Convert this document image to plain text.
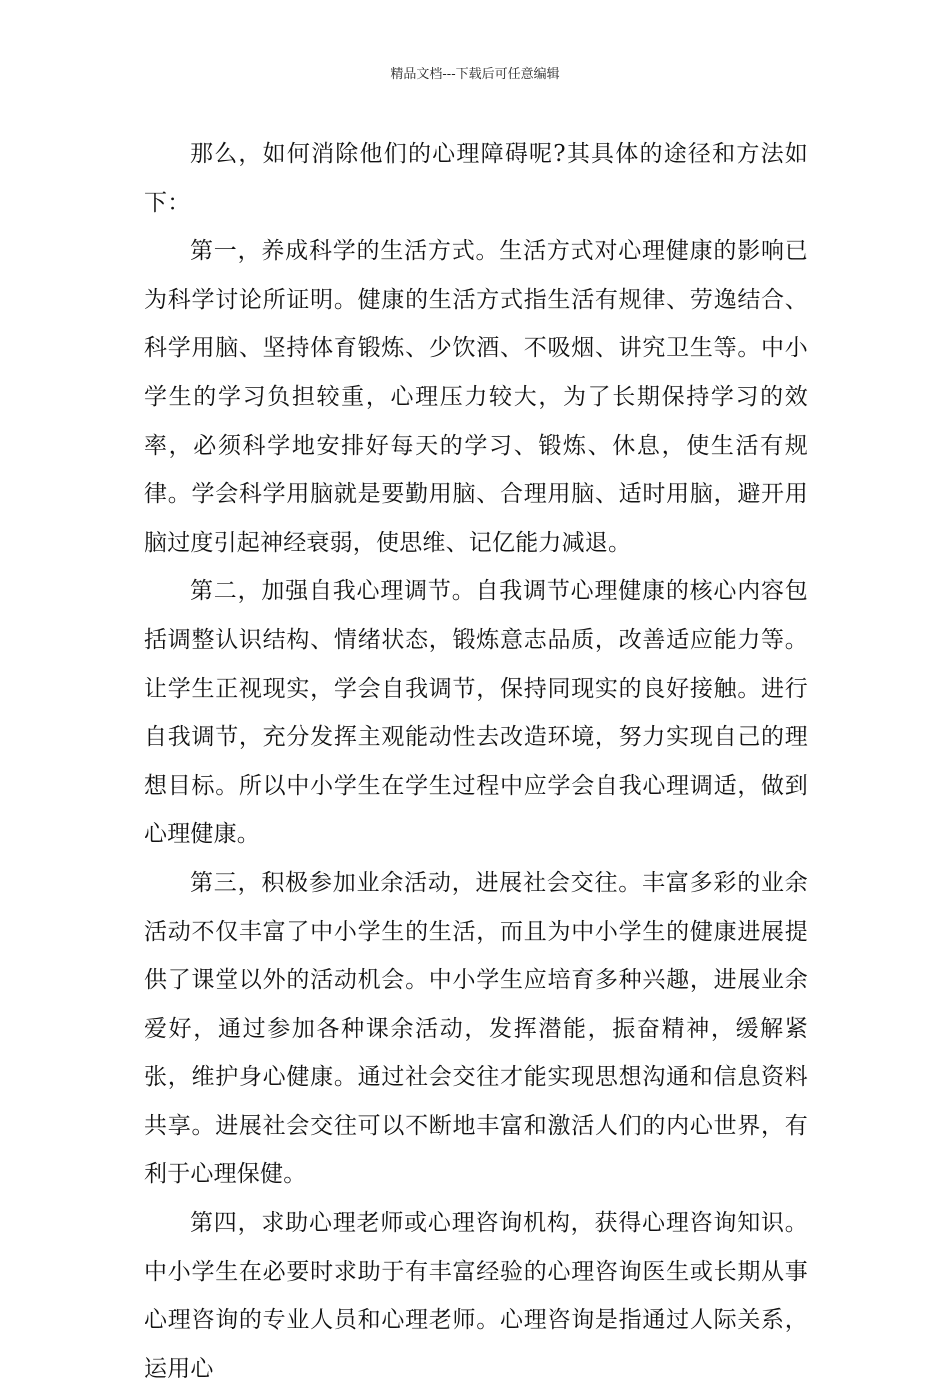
精品文档---下载后可任意编辑

那么，如何消除他们的心理障碍呢?其具体的途径和方法如下：

第一，养成科学的生活方式。生活方式对心理健康的影响已为科学讨论所证明。健康的生活方式指生活有规律、劳逸结合、科学用脑、坚持体育锻炼、少饮酒、不吸烟、讲究卫生等。中小学生的学习负担较重，心理压力较大，为了长期保持学习的效率，必须科学地安排好每天的学习、锻炼、休息，使生活有规律。学会科学用脑就是要勤用脑、合理用脑、适时用脑，避开用脑过度引起神经衰弱，使思维、记亿能力减退。

第二，加强自我心理调节。自我调节心理健康的核心内容包括调整认识结构、情绪状态，锻炼意志品质，改善适应能力等。让学生正视现实，学会自我调节，保持同现实的良好接触。进行自我调节，充分发挥主观能动性去改造环境，努力实现自己的理想目标。所以中小学生在学生过程中应学会自我心理调适，做到心理健康。

第三，积极参加业余活动，进展社会交往。丰富多彩的业余活动不仅丰富了中小学生的生活，而且为中小学生的健康进展提供了课堂以外的活动机会。中小学生应培育多种兴趣，进展业余爱好，通过参加各种课余活动，发挥潜能，振奋精神，缓解紧张，维护身心健康。通过社会交往才能实现思想沟通和信息资料共享。进展社会交往可以不断地丰富和激活人们的内心世界，有利于心理保健。

第四，求助心理老师或心理咨询机构，获得心理咨询知识。中小学生在必要时求助于有丰富经验的心理咨询医生或长期从事心理咨询的专业人员和心理老师。心理咨询是指通过人际关系，运用心
